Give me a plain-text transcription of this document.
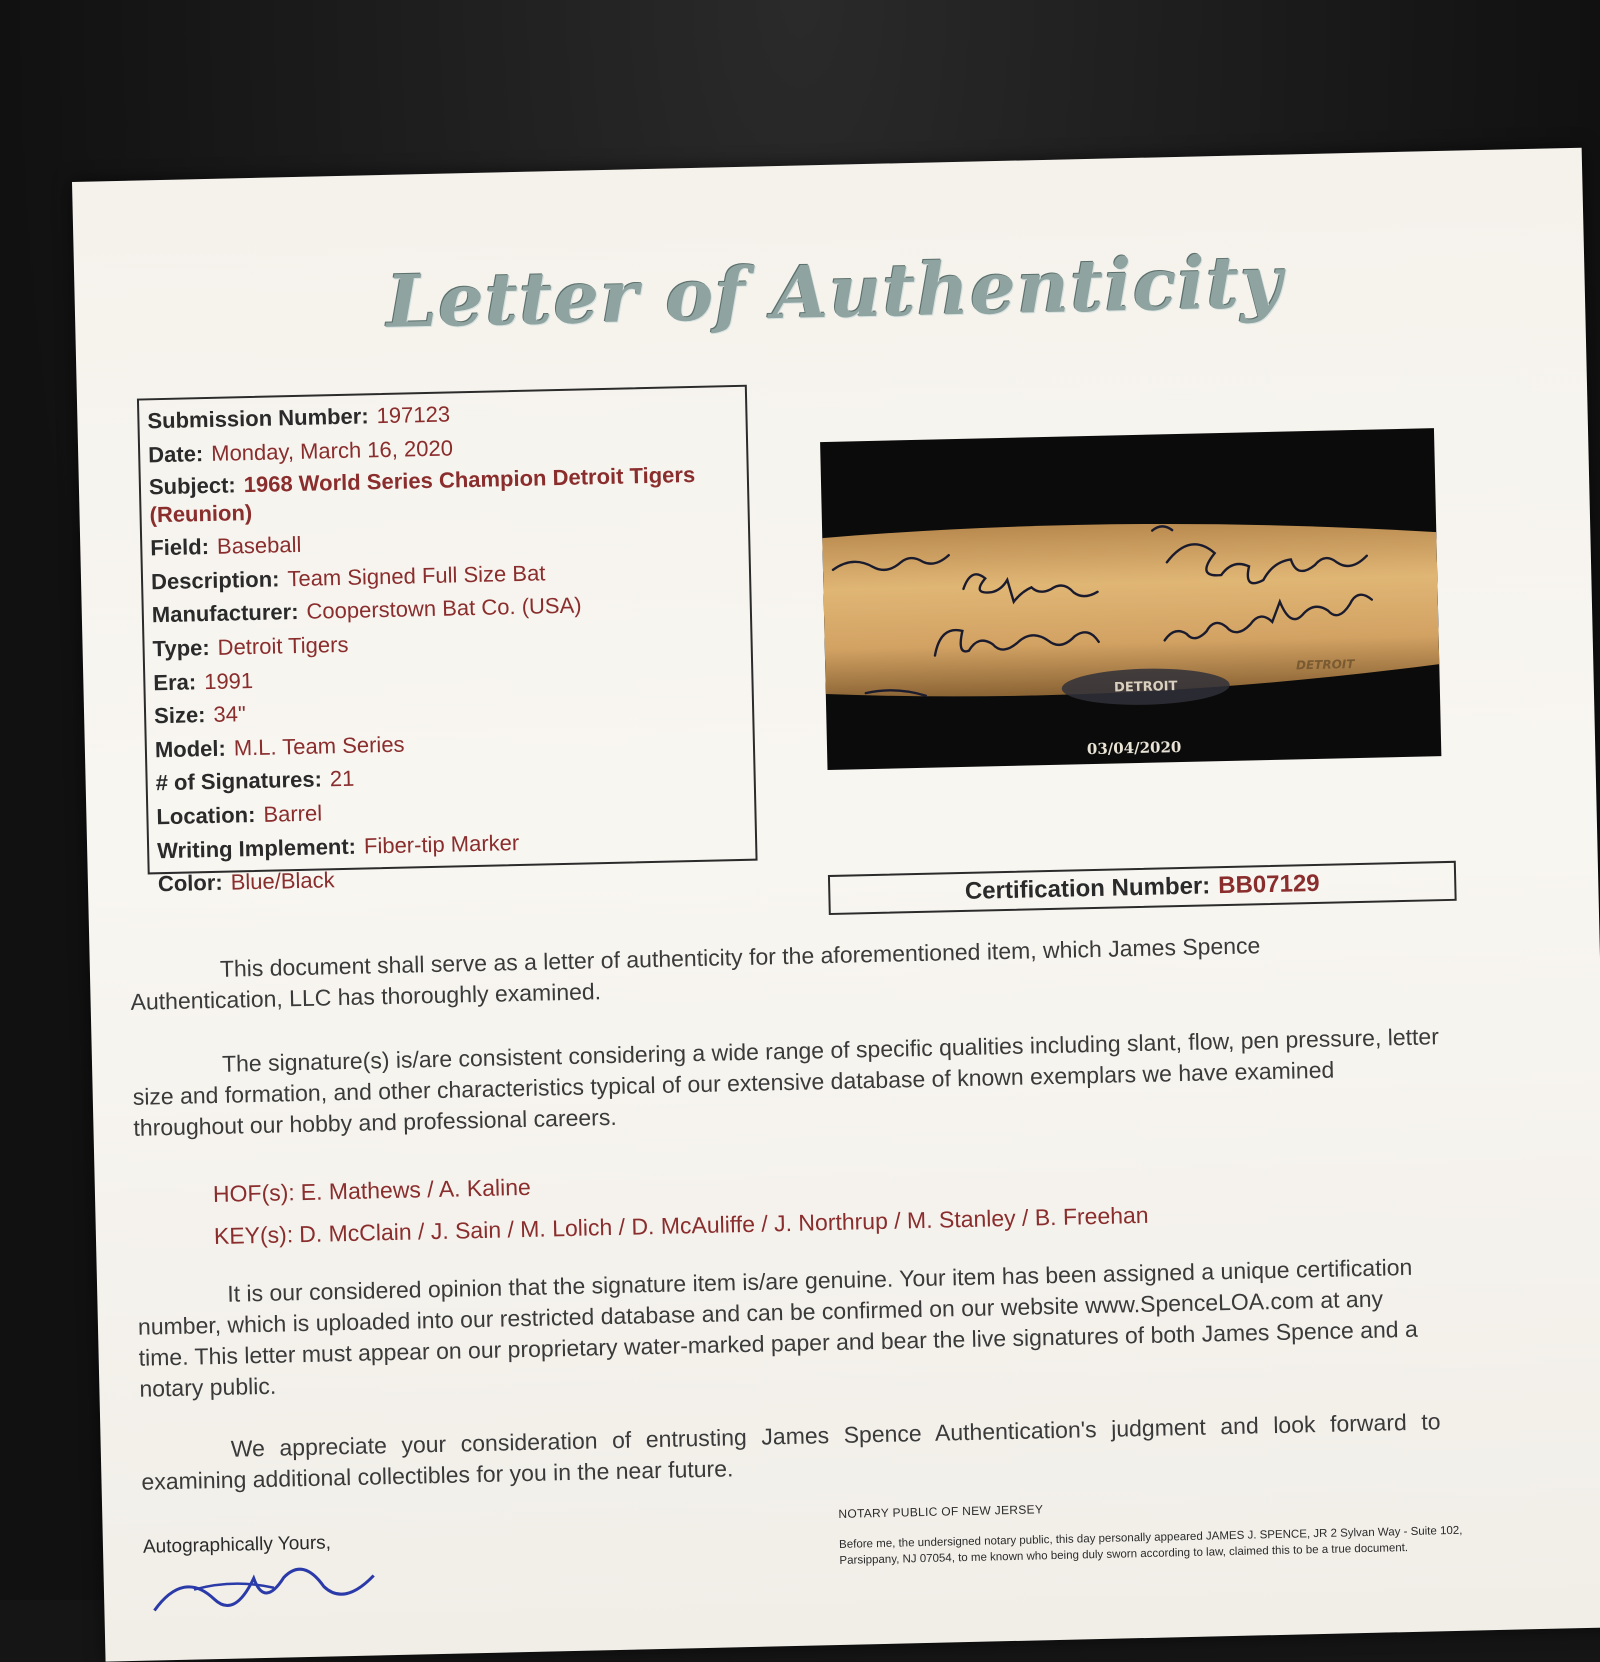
Letter of Authenticity
Submission Number: 197123
Date: Monday, March 16, 2020
Subject: 1968 World Series Champion Detroit Tigers (Reunion)
Field: Baseball
Description: Team Signed Full Size Bat
Manufacturer: Cooperstown Bat Co. (USA)
Type: Detroit Tigers
Era: 1991
Size: 34"
Model: M.L. Team Series
# of Signatures: 21
Location: Barrel
Writing Implement: Fiber-tip Marker
Color: Blue/Black
DETROIT
DETROIT
03/04/2020
Certification Number: BB07129
This document shall serve as a letter of authenticity for the aforementioned item, which James Spence Authentication, LLC has thoroughly examined.
The signature(s) is/are consistent considering a wide range of specific qualities including slant, flow, pen pressure, letter size and formation, and other characteristics typical of our extensive database of known exemplars we have examined throughout our hobby and professional careers.
HOF(s): E. Mathews / A. Kaline
KEY(s): D. McClain / J. Sain / M. Lolich / D. McAuliffe / J. Northrup / M. Stanley / B. Freehan
It is our considered opinion that the signature item is/are genuine. Your item has been assigned a unique certification number, which is uploaded into our restricted database and can be confirmed on our website www.SpenceLOA.com at any time. This letter must appear on our proprietary water-marked paper and bear the live signatures of both James Spence and a notary public.
We appreciate your consideration of entrusting James Spence Authentication's judgment and look forward to examining additional collectibles for you in the near future.
Autographically Yours,
NOTARY PUBLIC OF NEW JERSEY
Before me, the undersigned notary public, this day personally appeared JAMES J. SPENCE, JR 2 Sylvan Way - Suite 102, Parsippany, NJ 07054, to me known who being duly sworn according to law, claimed this to be a true document.
